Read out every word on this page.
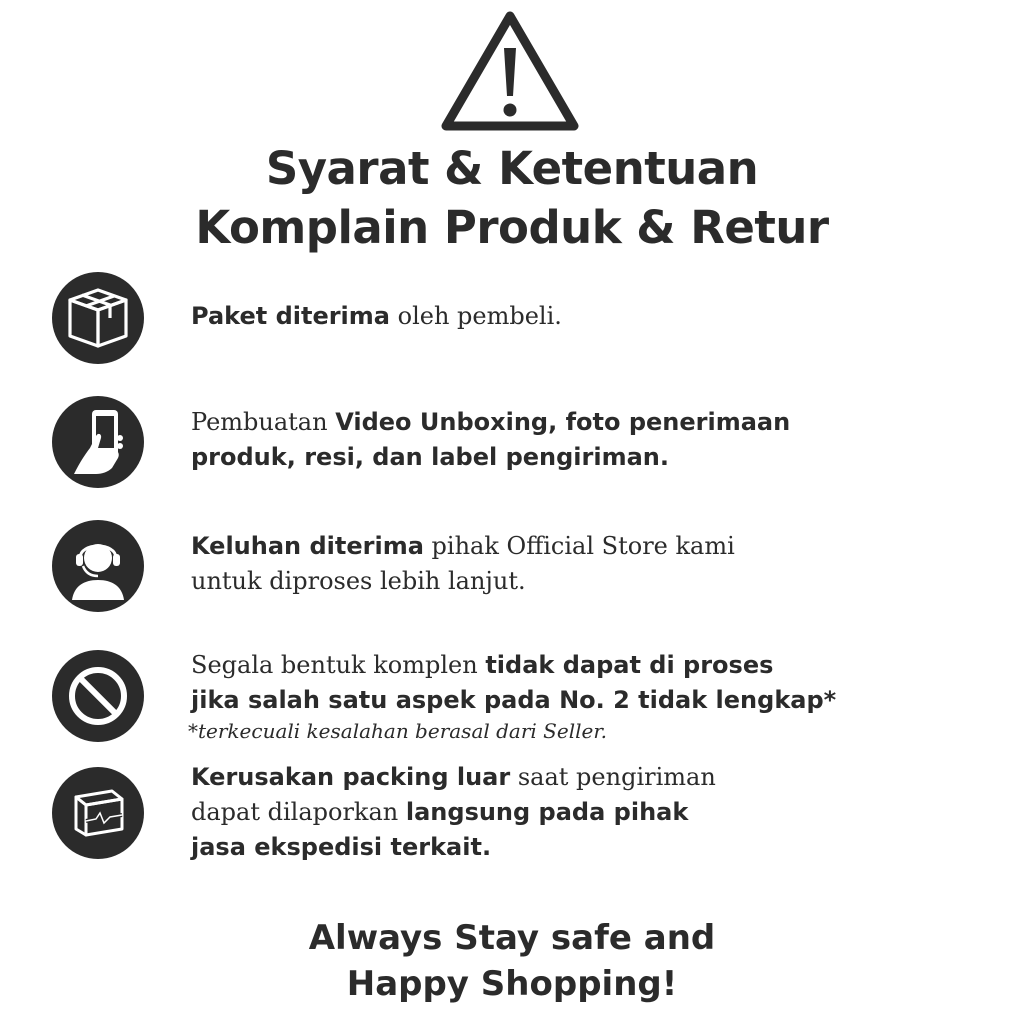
Syarat & Ketentuan
Komplain Produk & Retur
Paket diterima oleh pembeli.
Pembuatan Video Unboxing, foto penerimaan
produk, resi, dan label pengiriman.
Keluhan diterima pihak Official Store kami
untuk diproses lebih lanjut.
Segala bentuk komplen tidak dapat di proses
jika salah satu aspek pada No. 2 tidak lengkap*
*terkecuali kesalahan berasal dari Seller.
Kerusakan packing luar saat pengiriman
dapat dilaporkan langsung pada pihak
jasa ekspedisi terkait.

Always Stay safe and

Happy Shopping!
